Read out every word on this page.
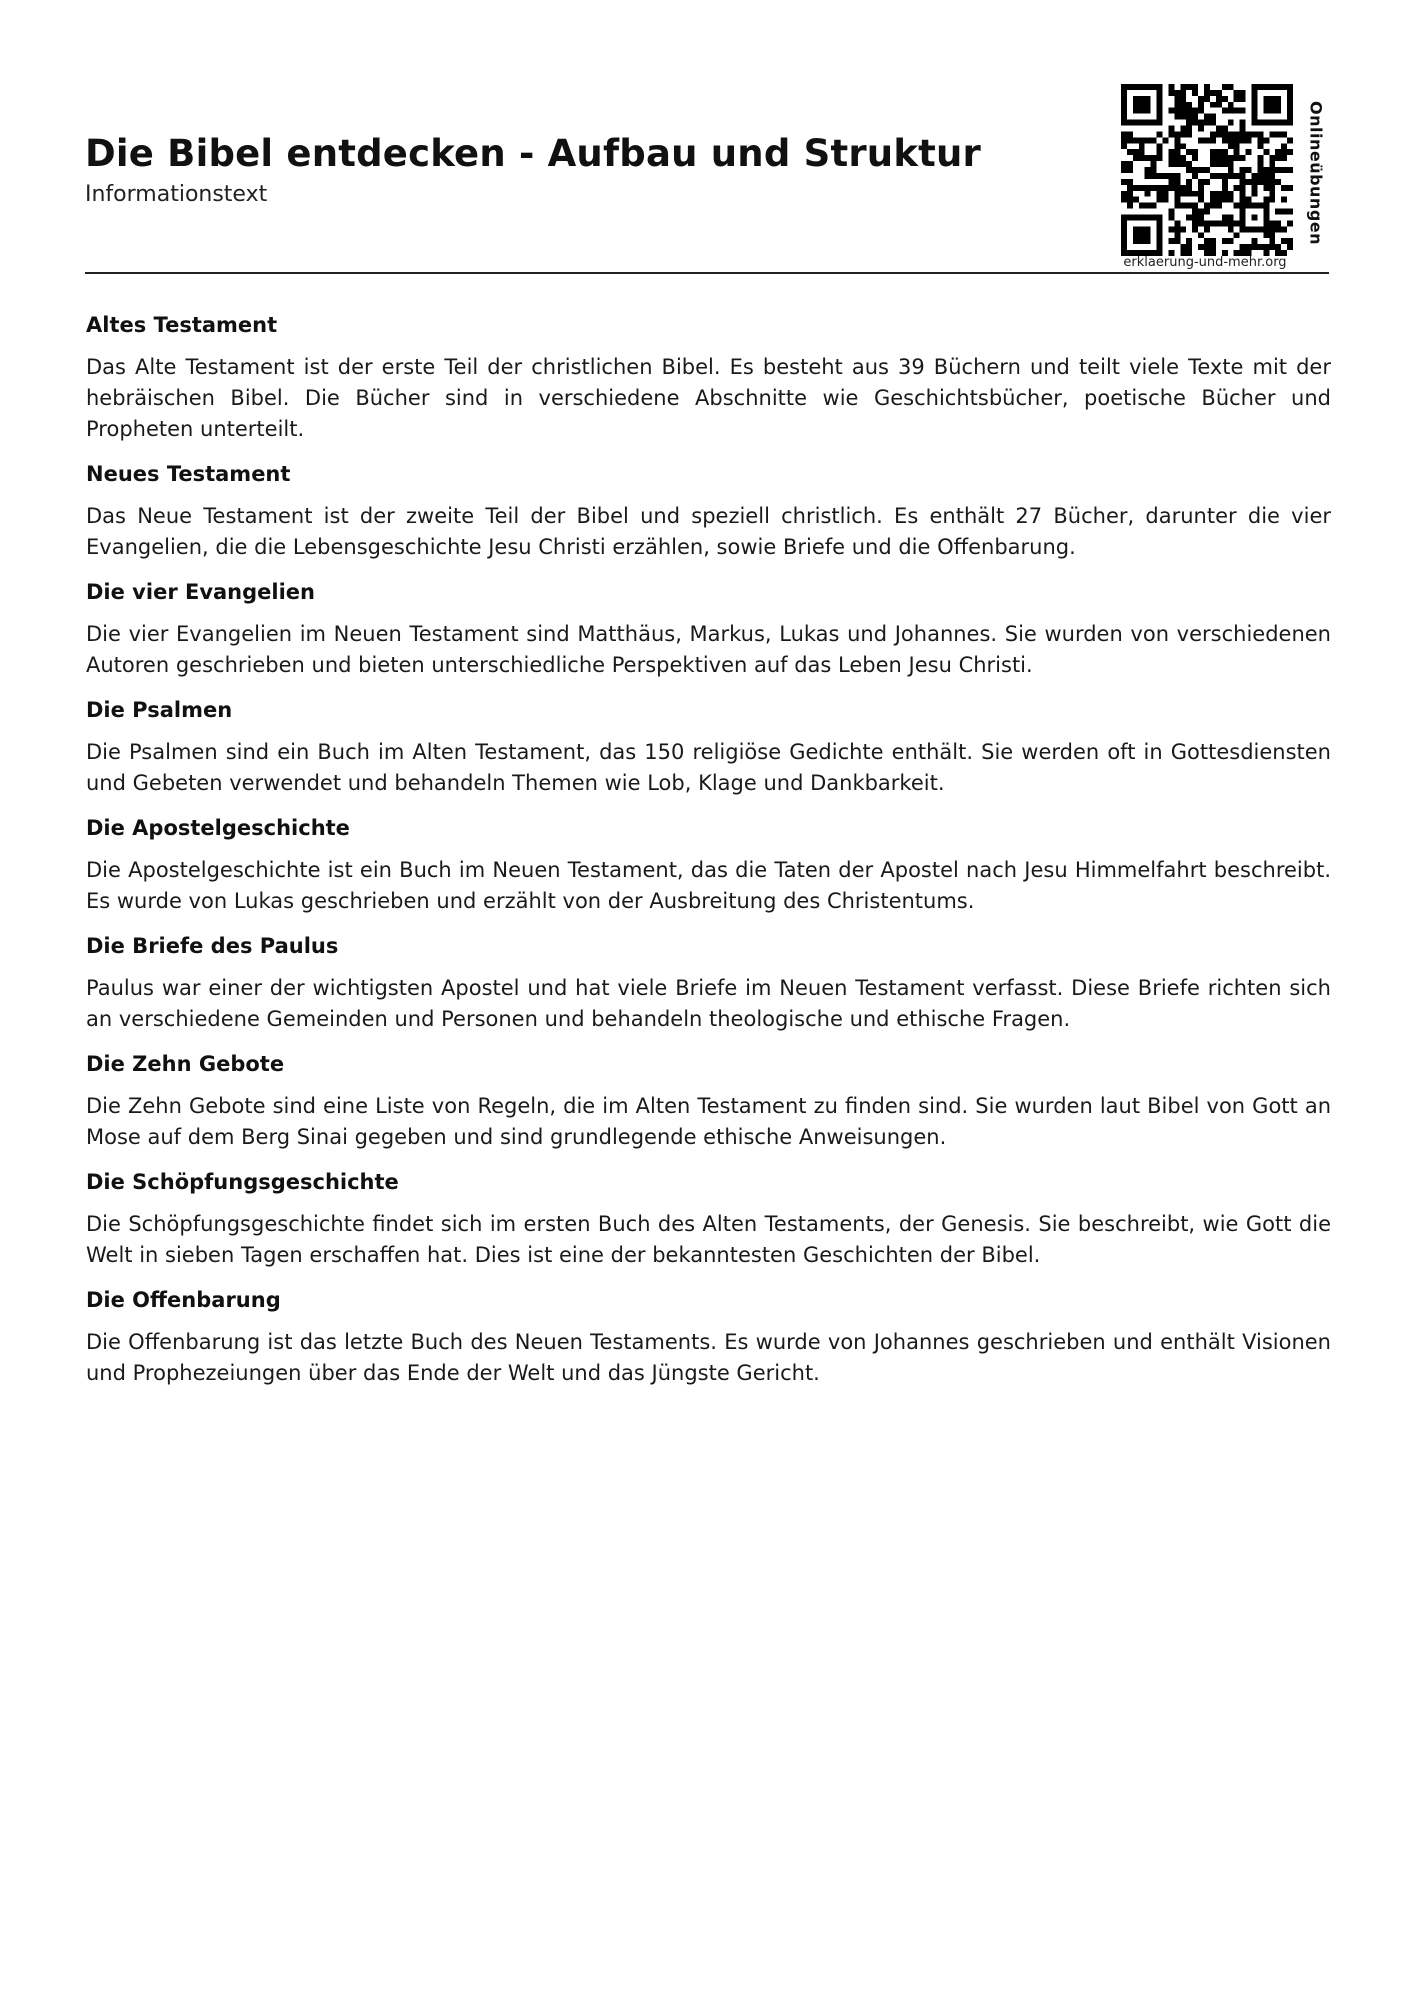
Die Bibel entdecken - Aufbau und Struktur
Informationstext
erklaerung-und-mehr.org
Onlineübungen
Altes Testament

Das Alte Testament ist der erste Teil der christlichen Bibel. Es besteht aus 39 Büchern und teilt viele Texte mit der hebräischen Bibel. Die Bücher sind in verschiedene Abschnitte wie Geschichtsbücher, poetische Bücher und Propheten unterteilt.

Neues Testament

Das Neue Testament ist der zweite Teil der Bibel und speziell christlich. Es enthält 27 Bücher, darunter die vier Evangelien, die die Lebensgeschichte Jesu Christi erzählen, sowie Briefe und die Offenbarung.

Die vier Evangelien

Die vier Evangelien im Neuen Testament sind Matthäus, Markus, Lukas und Johannes. Sie wurden von verschiedenen Autoren geschrieben und bieten unterschiedliche Perspektiven auf das Leben Jesu Christi.

Die Psalmen

Die Psalmen sind ein Buch im Alten Testament, das 150 religiöse Gedichte enthält. Sie werden oft in Gottesdiensten und Gebeten verwendet und behandeln Themen wie Lob, Klage und Dankbarkeit.

Die Apostelgeschichte

Die Apostelgeschichte ist ein Buch im Neuen Testament, das die Taten der Apostel nach Jesu Himmelfahrt beschreibt. Es wurde von Lukas geschrieben und erzählt von der Ausbreitung des Christentums.

Die Briefe des Paulus

Paulus war einer der wichtigsten Apostel und hat viele Briefe im Neuen Testament verfasst. Diese Briefe richten sich an verschiedene Gemeinden und Personen und behandeln theologische und ethische Fragen.

Die Zehn Gebote

Die Zehn Gebote sind eine Liste von Regeln, die im Alten Testament zu finden sind. Sie wurden laut Bibel von Gott an Mose auf dem Berg Sinai gegeben und sind grundlegende ethische Anweisungen.

Die Schöpfungsgeschichte

Die Schöpfungsgeschichte findet sich im ersten Buch des Alten Testaments, der Genesis. Sie beschreibt, wie Gott die Welt in sieben Tagen erschaffen hat. Dies ist eine der bekanntesten Geschichten der Bibel.

Die Offenbarung

Die Offenbarung ist das letzte Buch des Neuen Testaments. Es wurde von Johannes geschrieben und enthält Visionen und Prophezeiungen über das Ende der Welt und das Jüngste Gericht.
